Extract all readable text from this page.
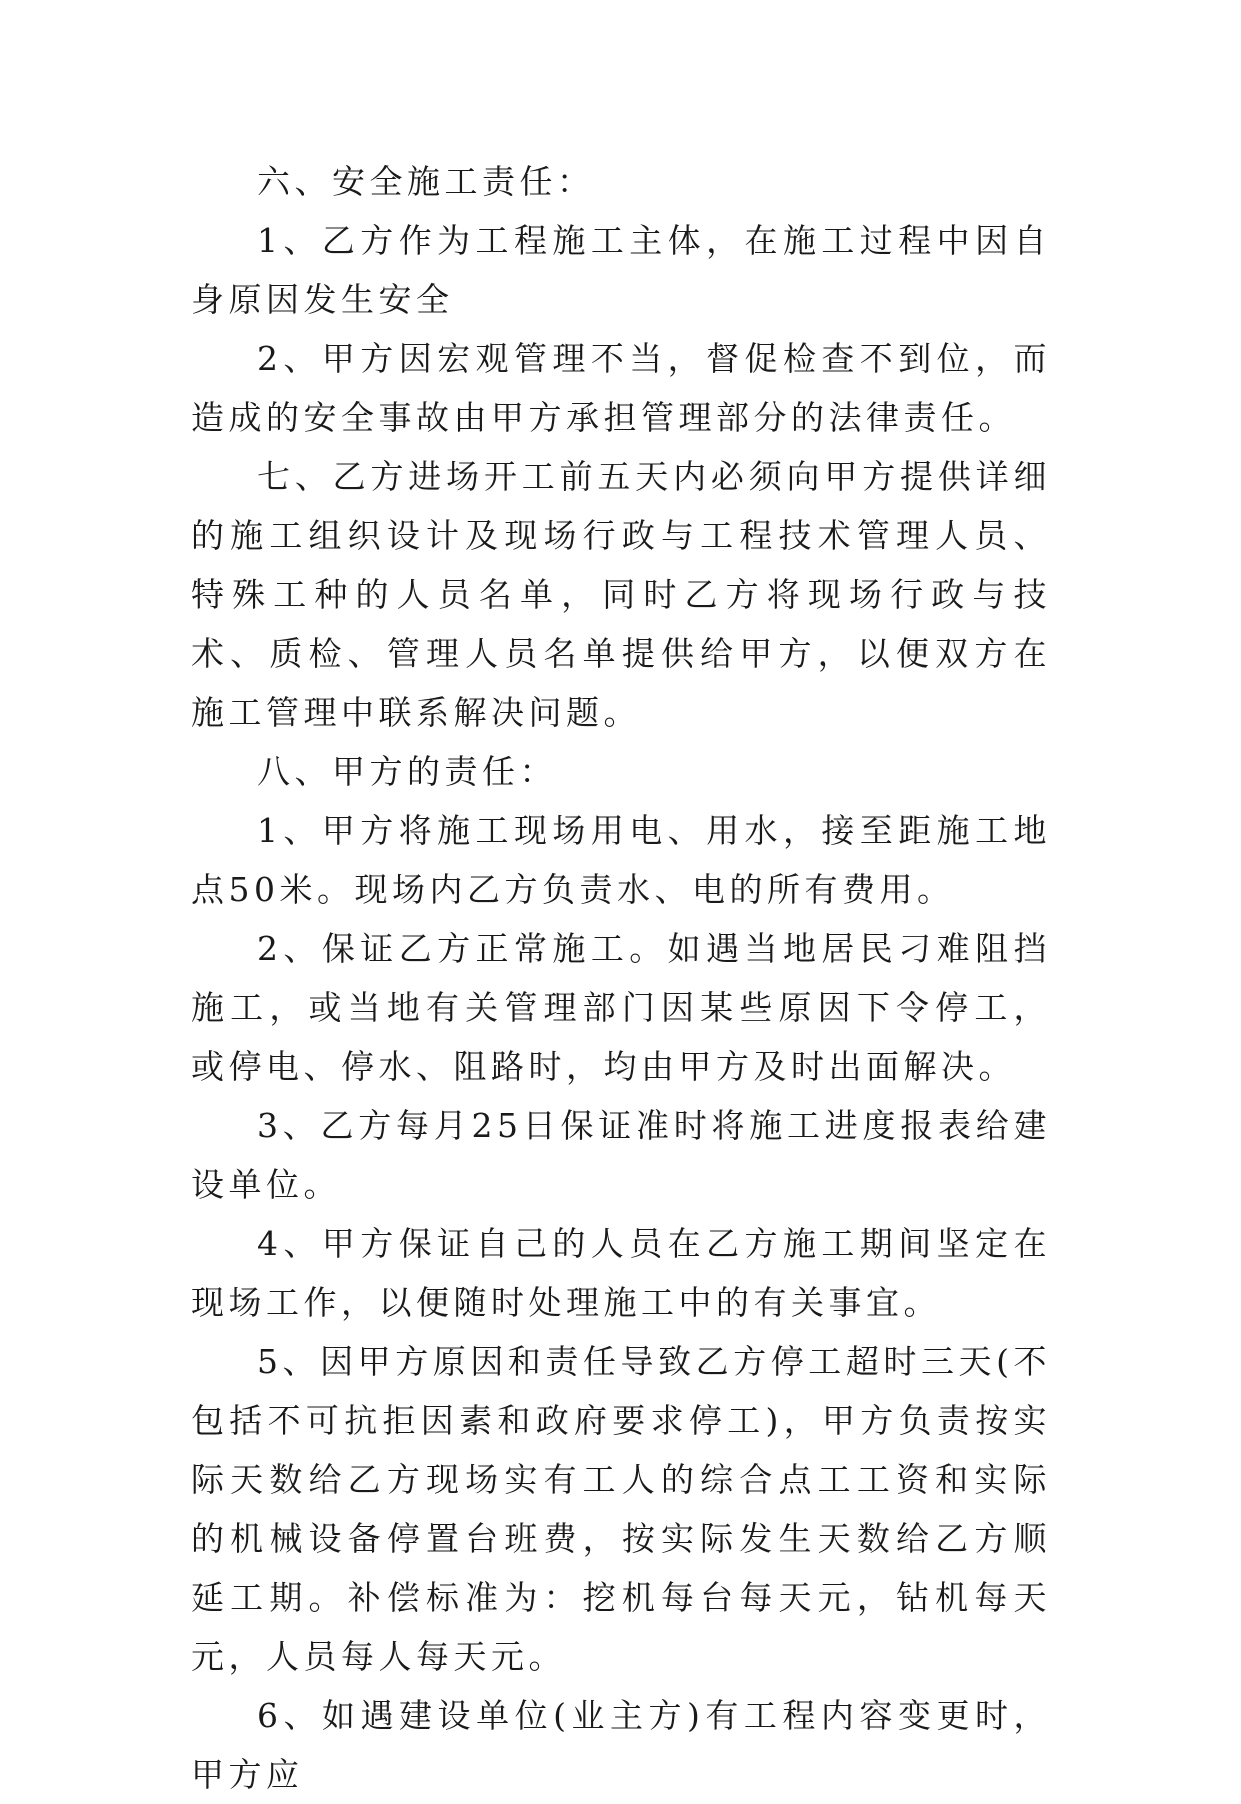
六、安全施工责任：

1、乙方作为工程施工主体，在施工过程中因自身原因发生安全

2、甲方因宏观管理不当，督促检查不到位，而造成的安全事故由甲方承担管理部分的法律责任。

七、乙方进场开工前五天内必须向甲方提供详细的施工组织设计及现场行政与工程技术管理人员、特殊工种的人员名单，同时乙方将现场行政与技术、质检、管理人员名单提供给甲方，以便双方在施工管理中联系解决问题。

八、甲方的责任：

1、甲方将施工现场用电、用水，接至距施工地点50米。现场内乙方负责水、电的所有费用。

2、保证乙方正常施工。如遇当地居民刁难阻挡施工，或当地有关管理部门因某些原因下令停工，或停电、停水、阻路时，均由甲方及时出面解决。

3、乙方每月25日保证准时将施工进度报表给建设单位。

4、甲方保证自己的人员在乙方施工期间坚定在现场工作，以便随时处理施工中的有关事宜。

5、因甲方原因和责任导致乙方停工超时三天(不包括不可抗拒因素和政府要求停工)，甲方负责按实际天数给乙方现场实有工人的综合点工工资和实际的机械设备停置台班费，按实际发生天数给乙方顺延工期。补偿标准为：挖机每台每天元，钻机每天元，人员每人每天元。

6、如遇建设单位(业主方)有工程内容变更时，甲方应
